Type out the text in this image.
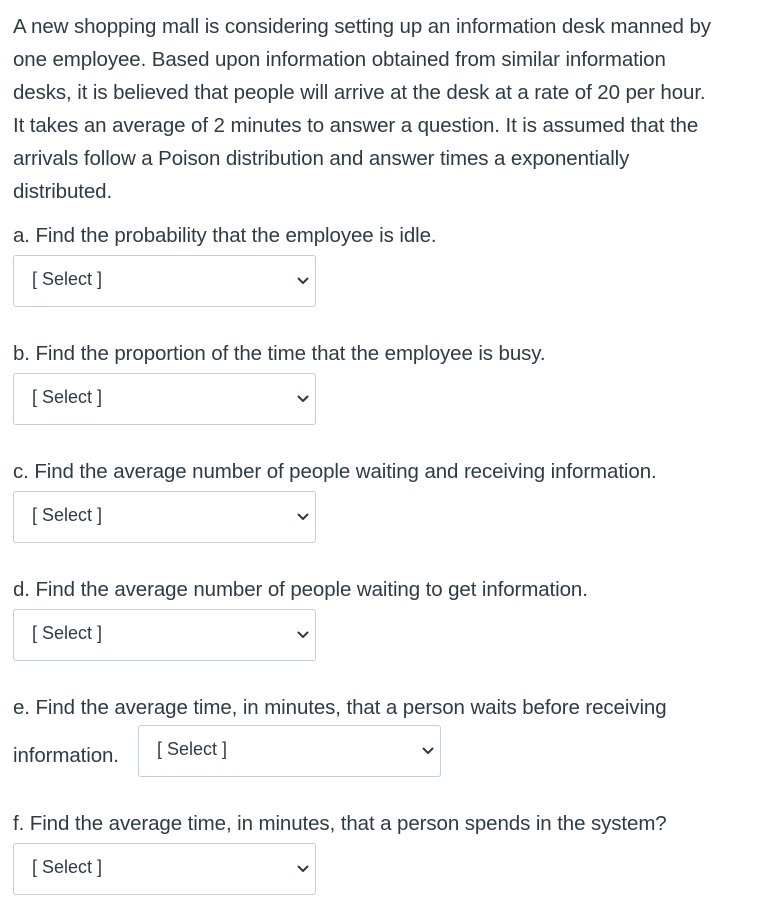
A new shopping mall is considering setting up an information desk manned by
one employee. Based upon information obtained from similar information
desks, it is believed that people will arrive at the desk at a rate of 20 per hour.
It takes an average of 2 minutes to answer a question. It is assumed that the
arrivals follow a Poison distribution and answer times a exponentially
distributed.

a. Find the probability that the employee is idle.

[ Select ]

b. Find the proportion of the time that the employee is busy.

[ Select ]

c. Find the average number of people waiting and receiving information.

[ Select ]

d. Find the average number of people waiting to get information.

[ Select ]

e. Find the average time, in minutes, that a person waits before receiving

information. [ Select ]

f. Find the average time, in minutes, that a person spends in the system?

[ Select ]
